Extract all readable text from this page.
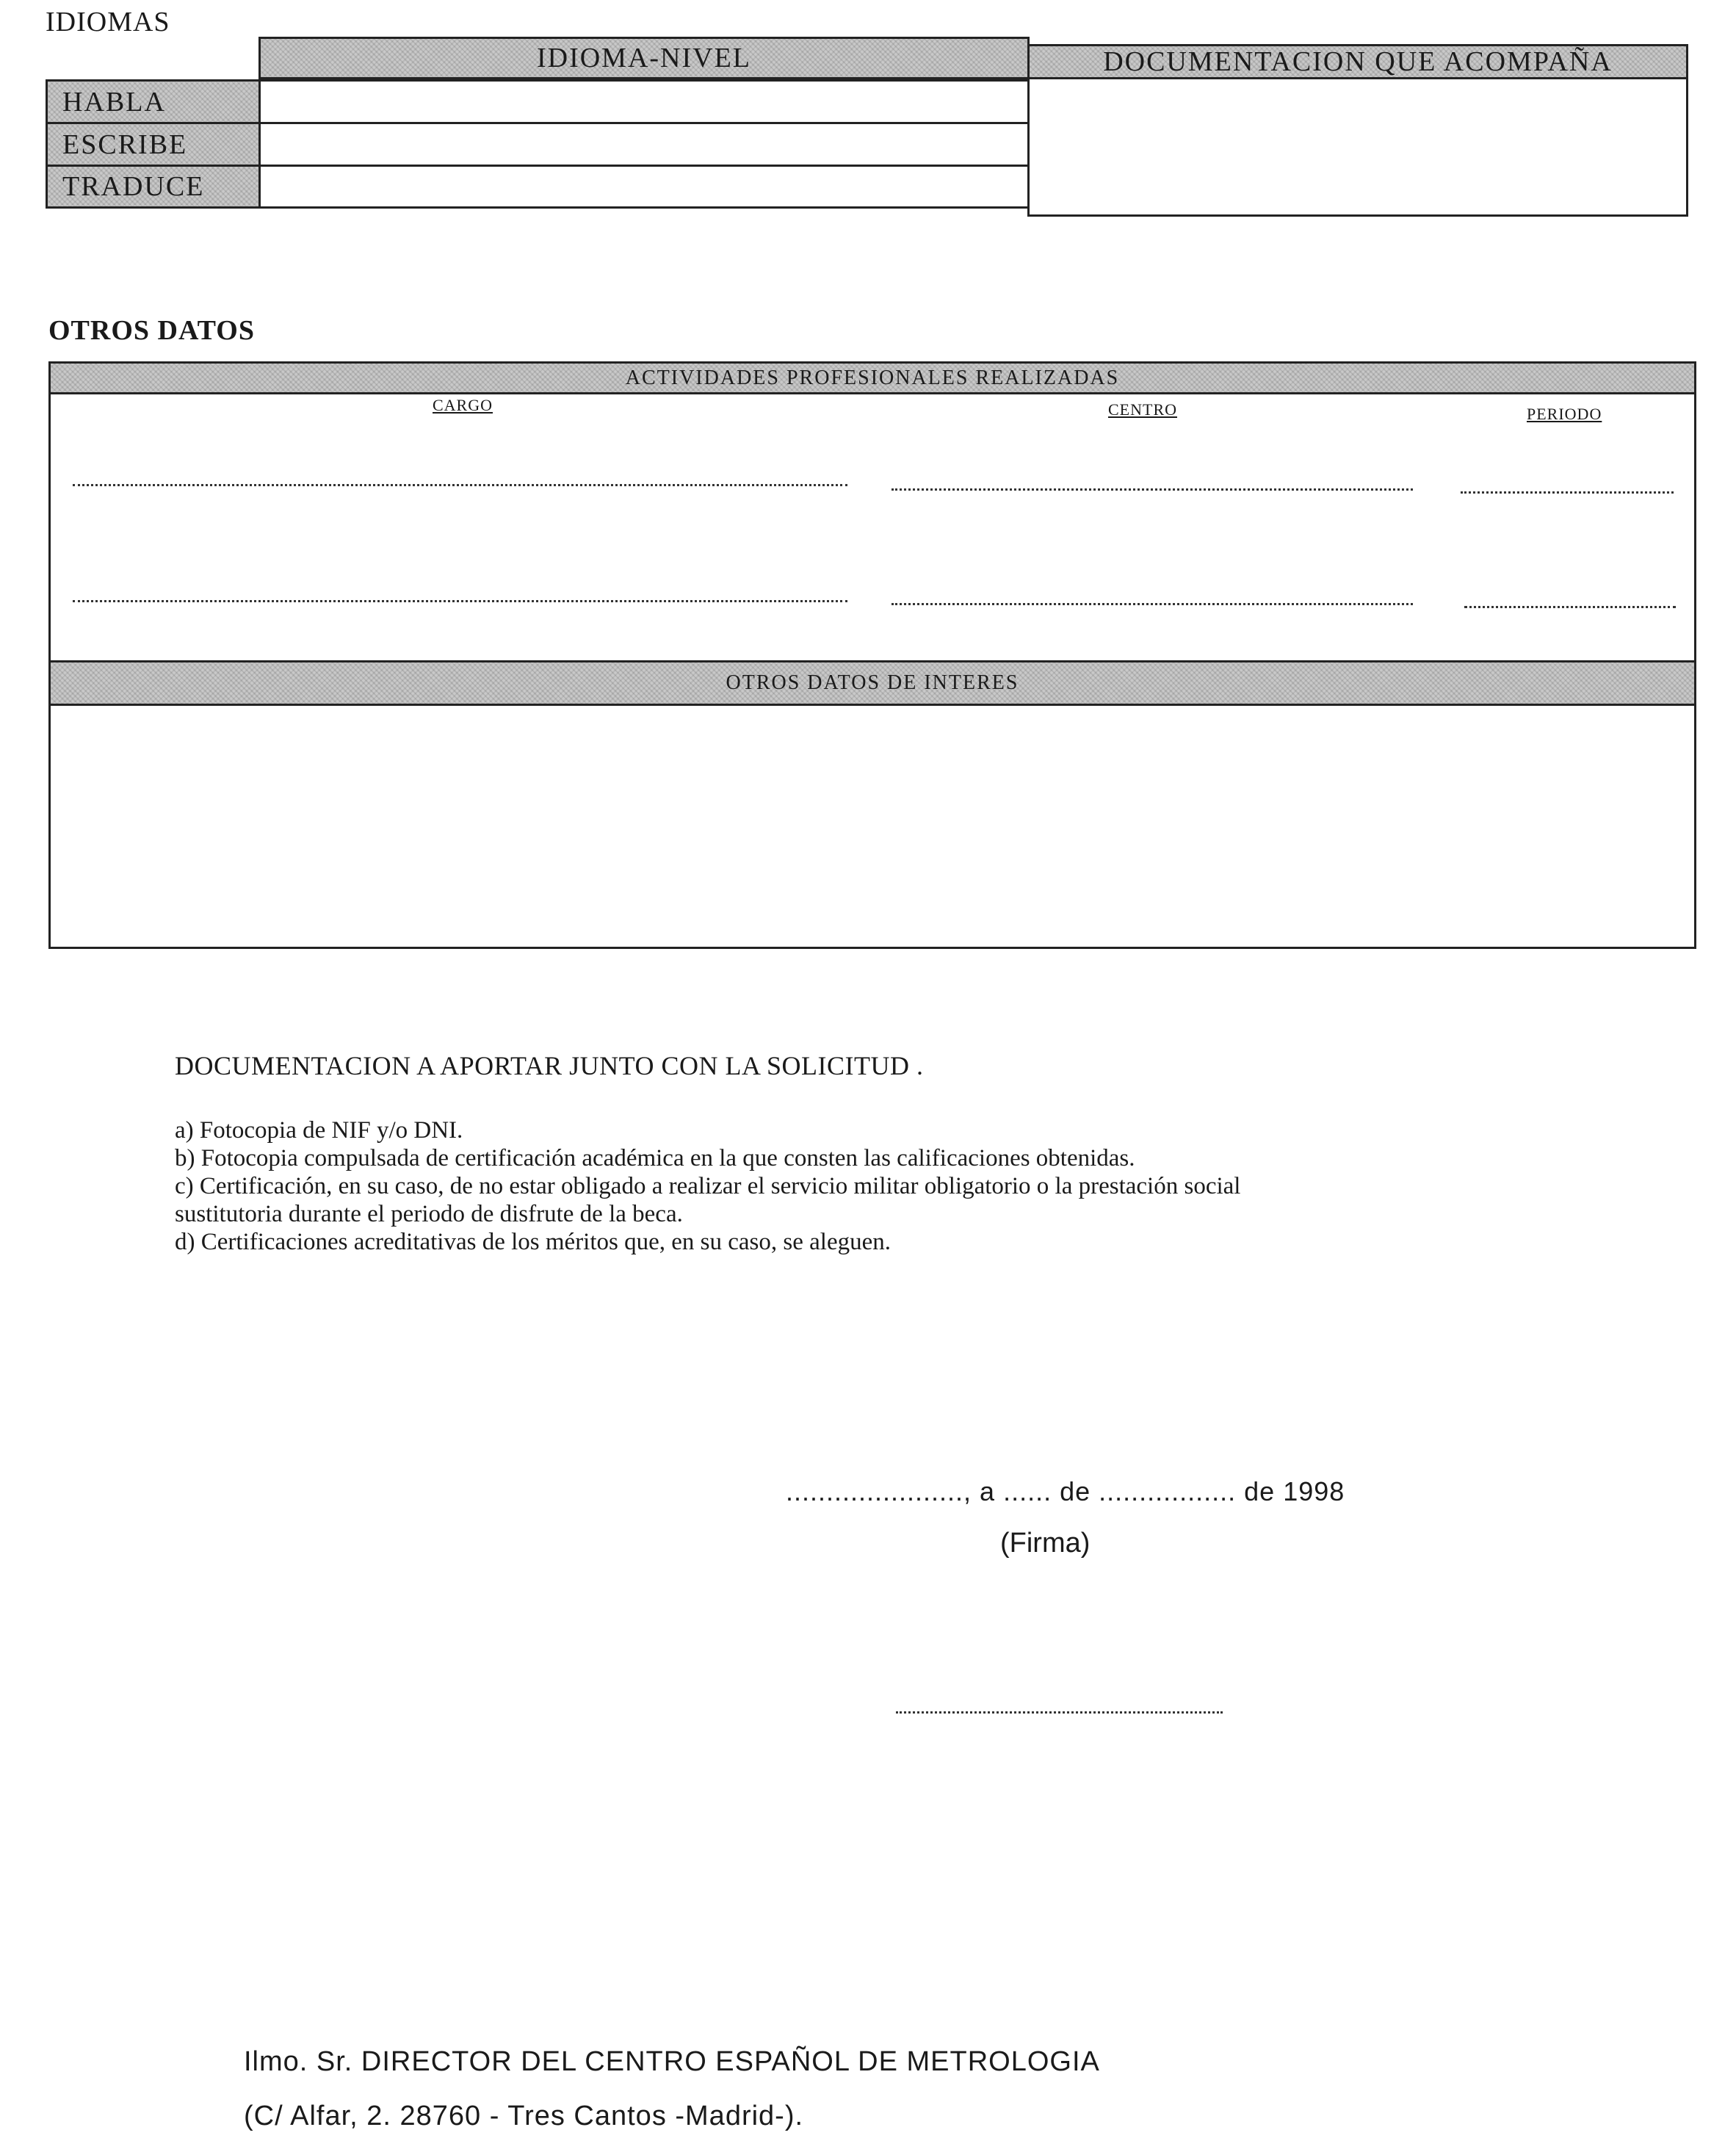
IDIOMAS
IDIOMA-NIVEL	DOCUMENTACION QUE ACOMPAÑA
HABLA
ESCRIBE
TRADUCE
OTROS DATOS
ACTIVIDADES PROFESIONALES REALIZADAS
CARGO	CENTRO	PERIODO
OTROS DATOS DE INTERES
DOCUMENTACION A APORTAR JUNTO CON LA SOLICITUD .
a) Fotocopia de NIF y/o DNI.
b) Fotocopia compulsada de certificación académica en la que consten las calificaciones obtenidas.
c) Certificación, en su caso, de no estar obligado a realizar el servicio militar obligatorio o la prestación social
sustitutoria durante el periodo de disfrute de la beca.
d) Certificaciones acreditativas de los méritos que, en su caso, se aleguen.
......................, a ...... de ................. de 1998
(Firma)
Ilmo. Sr. DIRECTOR DEL CENTRO ESPAÑOL DE METROLOGIA
(C/ Alfar, 2. 28760 - Tres Cantos -Madrid-).
